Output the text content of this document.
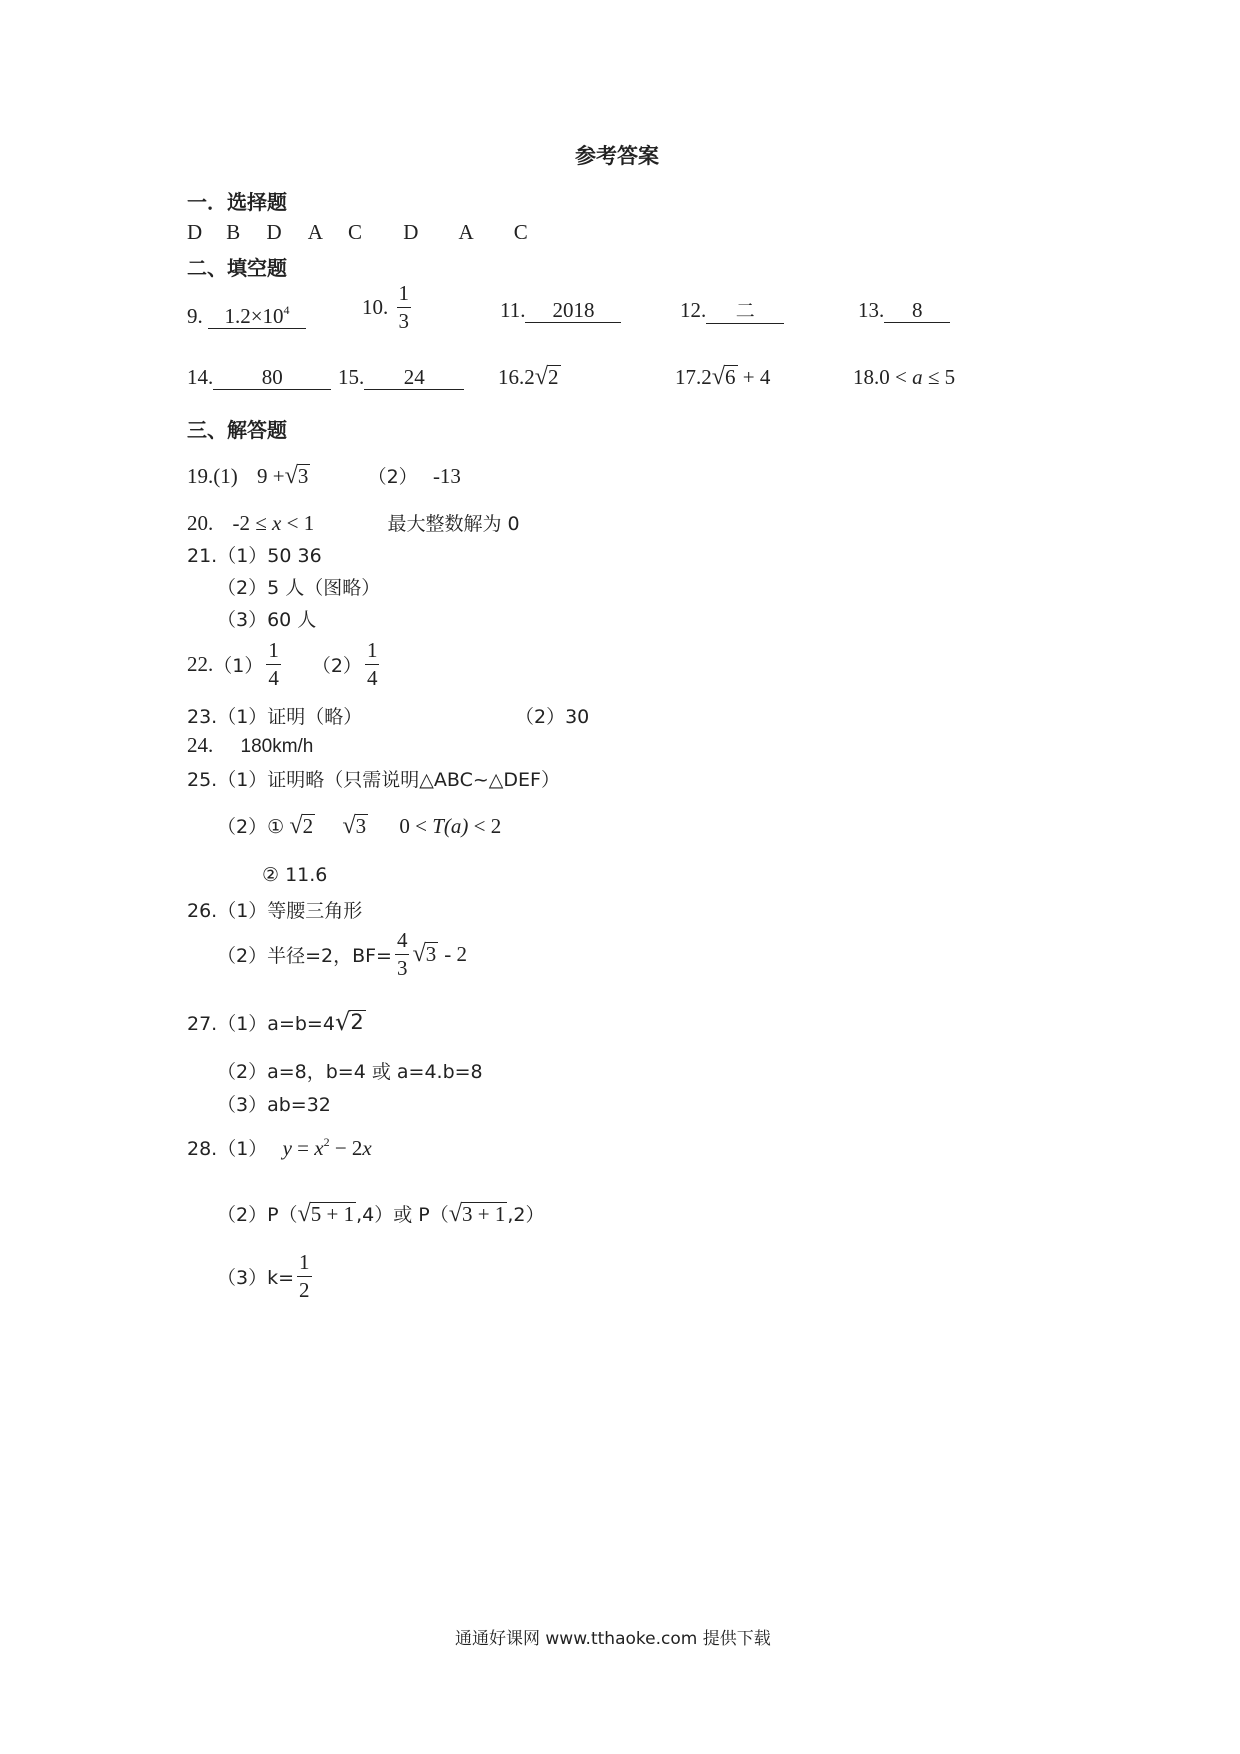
参考答案
一．选择题
D B D A C D A C
二、填空题
9. $1.2\times 10^4$	10. $\frac{1}{3}$	11. 2018	12. 二	13. 8
14. 80	15. 24	16.2 √ 2	17.2 √ 6 + 4	18.0 < a ≤ 5
三、解答题
19.(1) 9 + √ 3	（2） -13
20. -2 ≤ x < 1	最大整数解为 0
21.（1）50 36
（2）5 人（图略）
（3）60 人
22. $(1) \frac{1}{4} (2) \frac{1}{4}$
23.（1）证明（略）	（2）30
24. 180km/h
25.（1）证明略（只需说明△ABC~△DEF）
（2）① √ 2
√ 3 0 < T(a) < 2
② 11.6
26.（1）等腰三角形
（2）半径=2，$BF= \frac{4}{3}$ √ 3 - 2
27.（1）a=b=4 √ 2
（2）a=8，b=4 或 a=4.b=8
（3）ab=32
28.（1） $y = x^2 - 2x$
（2）P（ √ 5 + 1 ,4）或 P（ √ 3 + 1 ,2）
$(3)k= \frac{1}{2}$
通通好课网 www.tthaoke.com 提供下载
